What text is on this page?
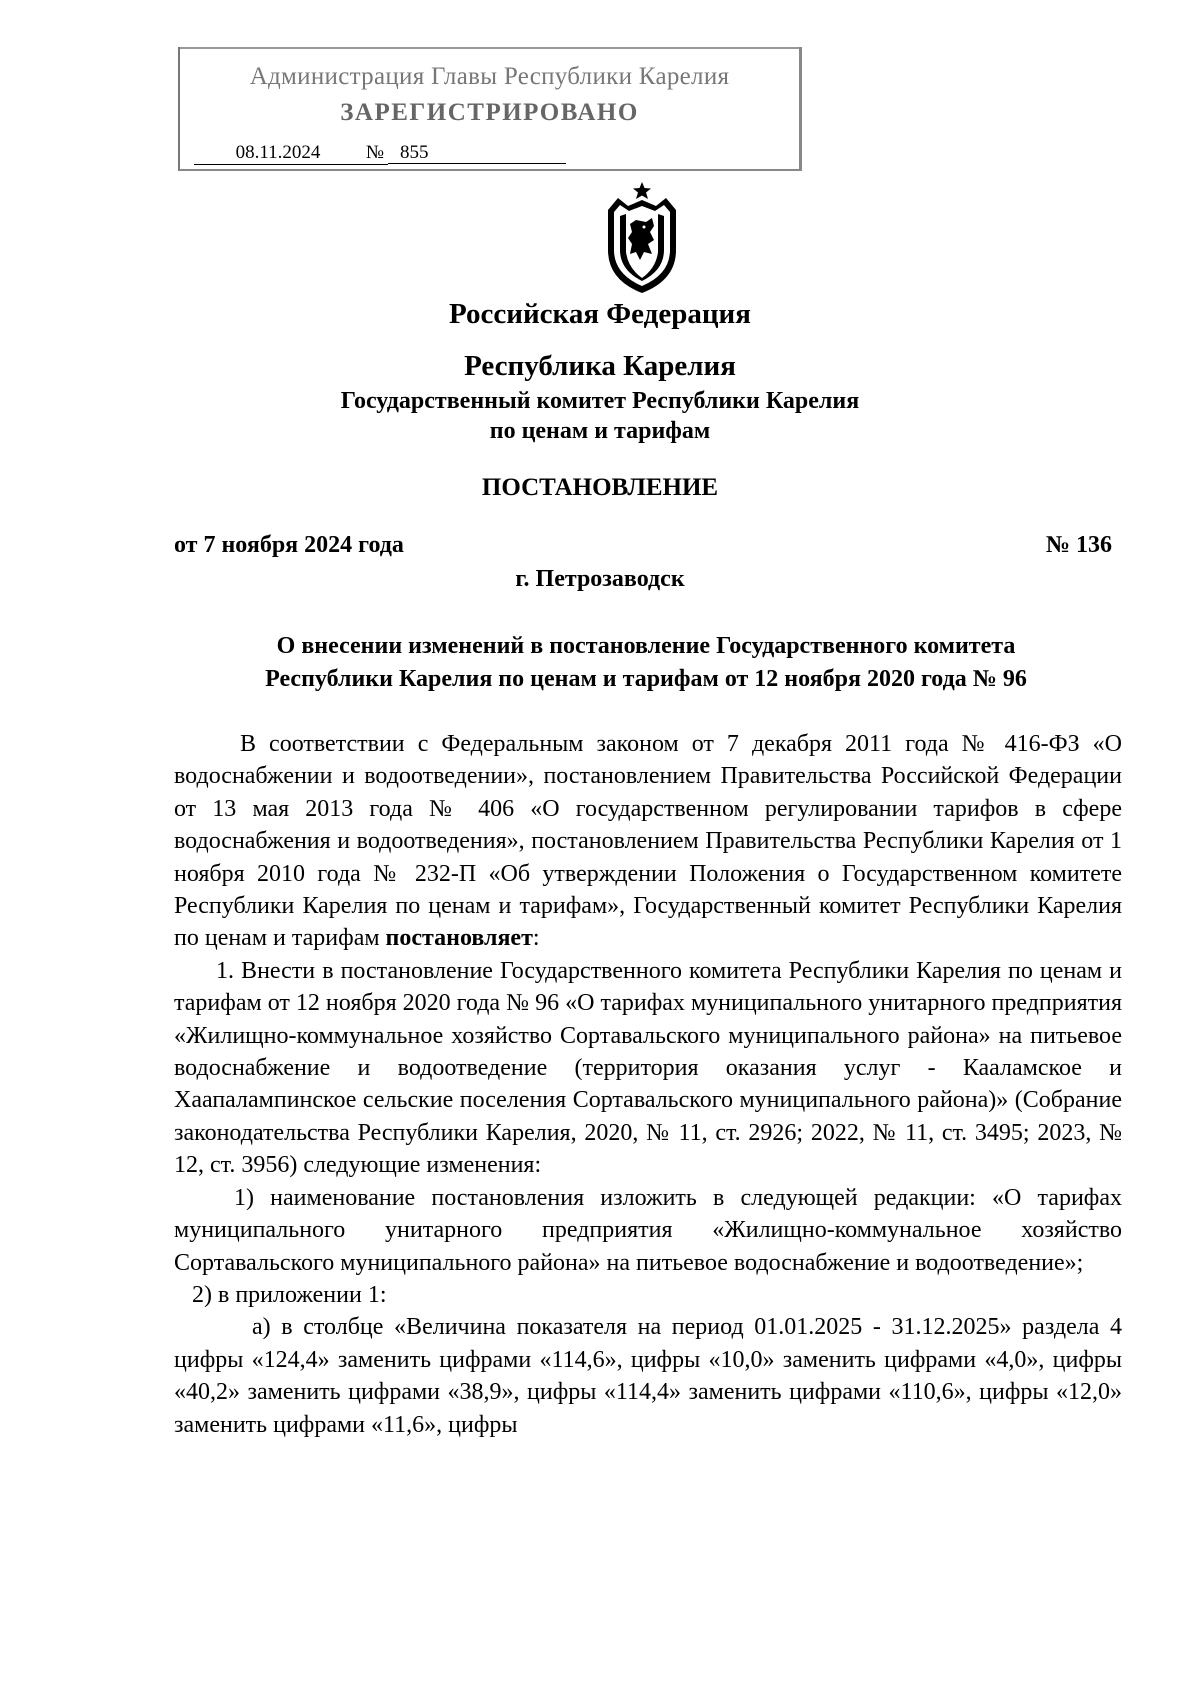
Администрация Главы Республики Карелия
ЗАРЕГИСТРИРОВАНО
08.11.2024 № 855
Российская Федерация
Республика Карелия
Государственный комитет Республики Карелия
по ценам и тарифам
ПОСТАНОВЛЕНИЕ
от 7 ноября 2024 года	№ 136
г. Петрозаводск
О внесении изменений в постановление Государственного комитета
Республики Карелия по ценам и тарифам от 12 ноября 2020 года № 96

В соответствии с Федеральным законом от 7 декабря 2011 года № 416-ФЗ «О водоснабжении и водоотведении», постановлением Правительства Российской Федерации от 13 мая 2013 года № 406 «О государственном регулировании тарифов в сфере водоснабжения и водоотведения», постановлением Правительства Республики Карелия от 1 ноября 2010 года № 232-П «Об утверждении Положения о Государственном комитете Республики Карелия по ценам и тарифам», Государственный комитет Республики Карелия по ценам и тарифам постановляет:

1. Внести в постановление Государственного комитета Республики Карелия по ценам и тарифам от 12 ноября 2020 года № 96 «О тарифах муниципального унитарного предприятия «Жилищно-коммунальное хозяйство Сортавальского муниципального района» на питьевое водоснабжение и водоотведение (территория оказания услуг - Кааламское и Хаапалампинское сельские поселения Сортавальского муниципального района)» (Собрание законодательства Республики Карелия, 2020, № 11, ст. 2926; 2022, № 11, ст. 3495; 2023, № 12, ст. 3956) следующие изменения:

1) наименование постановления изложить в следующей редакции: «О тарифах муниципального унитарного предприятия «Жилищно-коммунальное хозяйство Сортавальского муниципального района» на питьевое водоснабжение и водоотведение»;

2) в приложении 1:

а) в столбце «Величина показателя на период 01.01.2025 - 31.12.2025» раздела 4 цифры «124,4» заменить цифрами «114,6», цифры «10,0» заменить цифрами «4,0», цифры «40,2» заменить цифрами «38,9», цифры «114,4» заменить цифрами «110,6», цифры «12,0» заменить цифрами «11,6», цифры
